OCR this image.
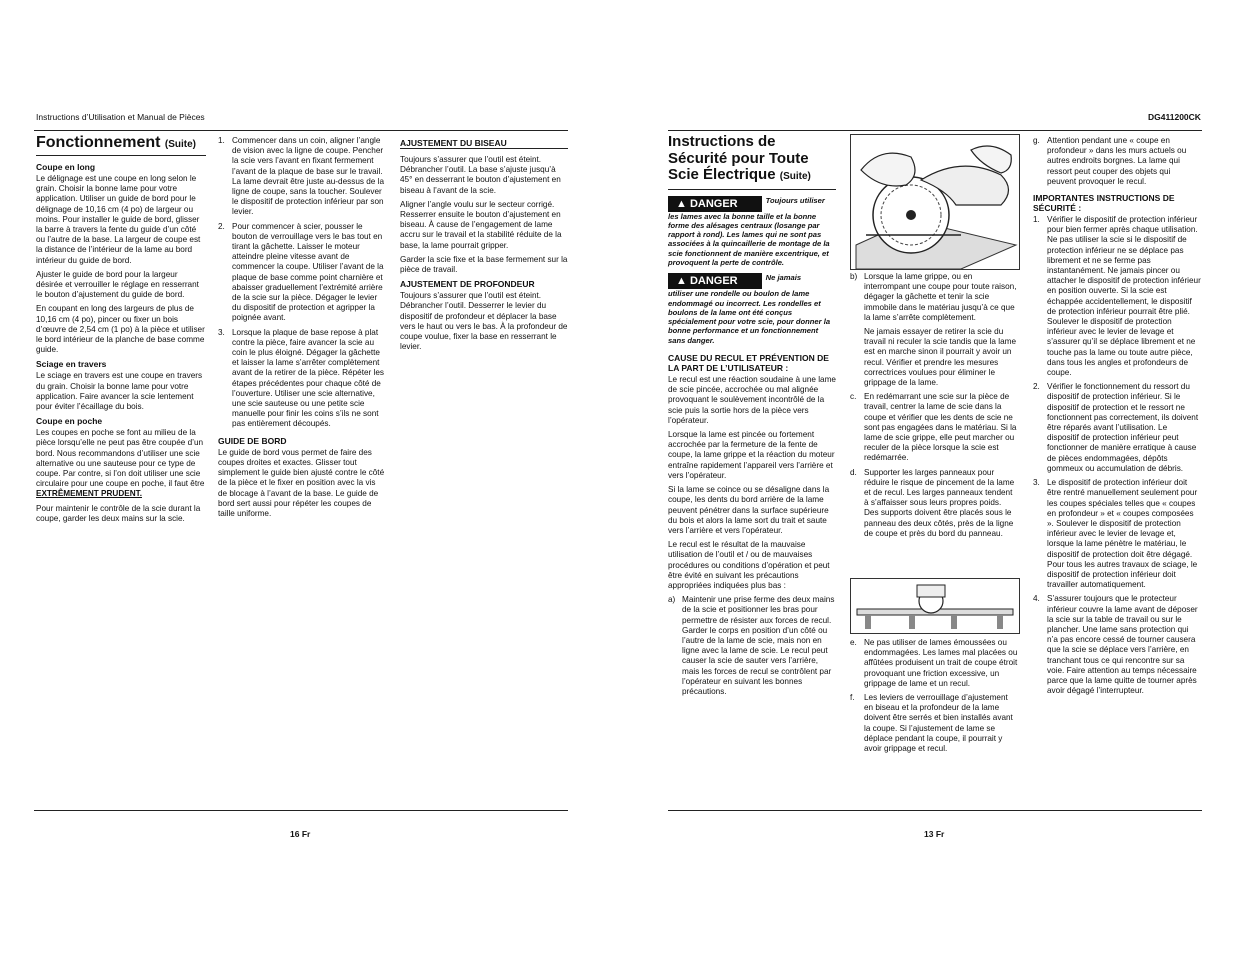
Instructions d’Utilisation et Manual de Pièces	DG411200CK
Fonctionnement (Suite)
Coupe en long

Le délignage est une coupe en long selon le grain. Choisir la bonne lame pour votre application. Utiliser un guide de bord pour le délignage de 10,16 cm (4 po) de largeur ou moins. Pour installer le guide de bord, glisser la barre à travers la fente du guide d’un côté ou l’autre de la base. La largeur de coupe est la distance de l’intérieur de la lame au bord intérieur du guide de bord.

Ajuster le guide de bord pour la largeur désirée et verrouiller le réglage en resserrant le bouton d’ajustement du guide de bord.

En coupant en long des largeurs de plus de 10,16 cm (4 po), pincer ou fixer un bois d’œuvre de 2,54 cm (1 po) à la pièce et utiliser le bord intérieur de la planche de base comme guide.

Sciage en travers

Le sciage en travers est une coupe en travers du grain. Choisir la bonne lame pour votre application. Faire avancer la scie lentement pour éviter l’écaillage du bois.

Coupe en poche

Les coupes en poche se font au milieu de la pièce lorsqu’elle ne peut pas être coupée d’un bord. Nous recommandons d’utiliser une scie alternative ou une sauteuse pour ce type de coupe. Par contre, si l’on doit utiliser une scie circulaire pour une coupe en poche, il faut être EXTRÊMEMENT PRUDENT.

Pour maintenir le contrôle de la scie durant la coupe, garder les deux mains sur la scie.

1. Commencer dans un coin, aligner l’angle de vision avec la ligne de coupe. Pencher la scie vers l’avant en fixant fermement l’avant de la plaque de base sur le travail. La lame devrait être juste au-dessus de la ligne de coupe, sans la toucher. Soulever le dispositif de protection inférieur par son levier.
2. Pour commencer à scier, pousser le bouton de verrouillage vers le bas tout en tirant la gâchette. Laisser le moteur atteindre pleine vitesse avant de commencer la coupe. Utiliser l’avant de la plaque de base comme point charnière et abaisser graduellement l’extrémité arrière de la scie sur la pièce. Dégager le levier du dispositif de protection et agripper la poignée avant.
3. Lorsque la plaque de base repose à plat contre la pièce, faire avancer la scie au coin le plus éloigné. Dégager la gâchette et laisser la lame s’arrêter complètement avant de la retirer de la pièce. Répéter les étapes précédentes pour chaque côté de l’ouverture. Utiliser une scie alternative, une scie sauteuse ou une petite scie manuelle pour finir les coins s’ils ne sont pas entièrement découpés.
GUIDE DE BORD

Le guide de bord vous permet de faire des coupes droites et exactes. Glisser tout simplement le guide bien ajusté contre le côté de la pièce et le fixer en position avec la vis de blocage à l’avant de la base. Le guide de bord sert aussi pour répéter les coupes de taille uniforme.

AJUSTEMENT DU BISEAU

Toujours s’assurer que l’outil est éteint. Débrancher l’outil. La base s’ajuste jusqu’à 45° en desserrant le bouton d’ajustement en biseau à l’avant de la scie.

Aligner l’angle voulu sur le secteur corrigé. Resserrer ensuite le bouton d’ajustement en biseau. À cause de l’engagement de lame accru sur le travail et la stabilité réduite de la base, la lame pourrait gripper.

Garder la scie fixe et la base fermement sur la pièce de travail.

AJUSTEMENT DE PROFONDEUR

Toujours s’assurer que l’outil est éteint. Débrancher l’outil. Desserrer le levier du dispositif de profondeur et déplacer la base vers le haut ou vers le bas. À la profondeur de coupe voulue, fixer la base en resserrant le levier.

16 Fr
Instructions de Sécurité pour Toute Scie Électrique (Suite)
▲ DANGER	Toujours utiliser
les lames avec la bonne taille et la bonne forme des alésages centraux (losange par rapport à rond). Les lames qui ne sont pas associées à la quincaillerie de montage de la scie fonctionnent de manière excentrique, et provoquent la perte de contrôle.
▲ DANGER	Ne jamais
utiliser une rondelle ou boulon de lame endommagé ou incorrect. Les rondelles et boulons de la lame ont été conçus spécialement pour votre scie, pour donner la bonne performance et un fonctionnement sans danger.
CAUSE DU RECUL ET PRÉVENTION DE LA PART DE L’UTILISATEUR :

Le recul est une réaction soudaine à une lame de scie pincée, accrochée ou mal alignée provoquant le soulèvement incontrôlé de la scie puis la sortie hors de la pièce vers l’opérateur.

Lorsque la lame est pincée ou fortement accrochée par la fermeture de la fente de coupe, la lame grippe et la réaction du moteur entraîne rapidement l’appareil vers l’arrière et vers l’opérateur.

Si la lame se coince ou se désaligne dans la coupe, les dents du bord arrière de la lame peuvent pénétrer dans la surface supérieure du bois et alors la lame sort du trait et saute vers l’arrière et vers l’opérateur.

Le recul est le résultat de la mauvaise utilisation de l’outil et / ou de mauvaises procédures ou conditions d’opération et peut être évité en suivant les précautions appropriées indiquées plus bas :

a) Maintenir une prise ferme des deux mains de la scie et positionner les bras pour permettre de résister aux forces de recul. Garder le corps en position d’un côté ou l’autre de la lame de scie, mais non en ligne avec la lame de scie. Le recul peut causer la scie de sauter vers l’arrière, mais les forces de recul se contrôlent par l’opérateur en suivant les bonnes précautions.
b) Lorsque la lame grippe, ou en interrompant une coupe pour toute raison, dégager la gâchette et tenir la scie immobile dans le matériau jusqu’à ce que la lame s’arrête complètement.
Ne jamais essayer de retirer la scie du travail ni reculer la scie tandis que la lame est en marche sinon il pourrait y avoir un recul. Vérifier et prendre les mesures correctrices voulues pour éliminer le grippage de la lame.
c. En redémarrant une scie sur la pièce de travail, centrer la lame de scie dans la coupe et vérifier que les dents de scie ne sont pas engagées dans le matériau. Si la lame de scie grippe, elle peut marcher ou reculer de la pièce lorsque la scie est redémarrée.
d. Supporter les larges panneaux pour réduire le risque de pincement de la lame et de recul. Les larges panneaux tendent à s’affaisser sous leurs propres poids. Des supports doivent être placés sous le panneau des deux côtés, près de la ligne de coupe et près du bord du panneau.
e. Ne pas utiliser de lames émoussées ou endommagées. Les lames mal placées ou affûtées produisent un trait de coupe étroit provoquant une friction excessive, un grippage de lame et un recul.
f. Les leviers de verrouillage d’ajustement en biseau et la profondeur de la lame doivent être serrés et bien installés avant la coupe. Si l’ajustement de lame se déplace pendant la coupe, il pourrait y avoir grippage et recul.
g. Attention pendant une « coupe en profondeur » dans les murs actuels ou autres endroits borgnes. La lame qui ressort peut couper des objets qui peuvent provoquer le recul.
IMPORTANTES INSTRUCTIONS DE SÉCURITÉ :
1. Vérifier le dispositif de protection inférieur pour bien fermer après chaque utilisation. Ne pas utiliser la scie si le dispositif de protection inférieur ne se déplace pas librement et ne se ferme pas instantanément. Ne jamais pincer ou attacher le dispositif de protection inférieur en position ouverte. Si la scie est échappée accidentellement, le dispositif de protection inférieur pourrait être plié. Soulever le dispositif de protection inférieur avec le levier de levage et s’assurer qu’il se déplace librement et ne touche pas la lame ou toute autre pièce, dans tous les angles et profondeurs de coupe.
2. Vérifier le fonctionnement du ressort du dispositif de protection inférieur. Si le dispositif de protection et le ressort ne fonctionnent pas correctement, ils doivent être réparés avant l’utilisation. Le dispositif de protection inférieur peut fonctionner de manière erratique à cause de pièces endommagées, dépôts gommeux ou accumulation de débris.
3. Le dispositif de protection inférieur doit être rentré manuellement seulement pour les coupes spéciales telles que « coupes en profondeur » et « coupes composées ». Soulever le dispositif de protection inférieur avec le levier de levage et, lorsque la lame pénètre le matériau, le dispositif de protection doit être dégagé. Pour tous les autres travaux de sciage, le dispositif de protection inférieur doit travailler automatiquement.
4. S’assurer toujours que le protecteur inférieur couvre la lame avant de déposer la scie sur la table de travail ou sur le plancher. Une lame sans protection qui n’a pas encore cessé de tourner causera que la scie se déplace vers l’arrière, en tranchant tous ce qui rencontre sur sa voie. Faire attention au temps nécessaire parce que la lame quitte de tourner après avoir dégagé l’interrupteur.
13 Fr
